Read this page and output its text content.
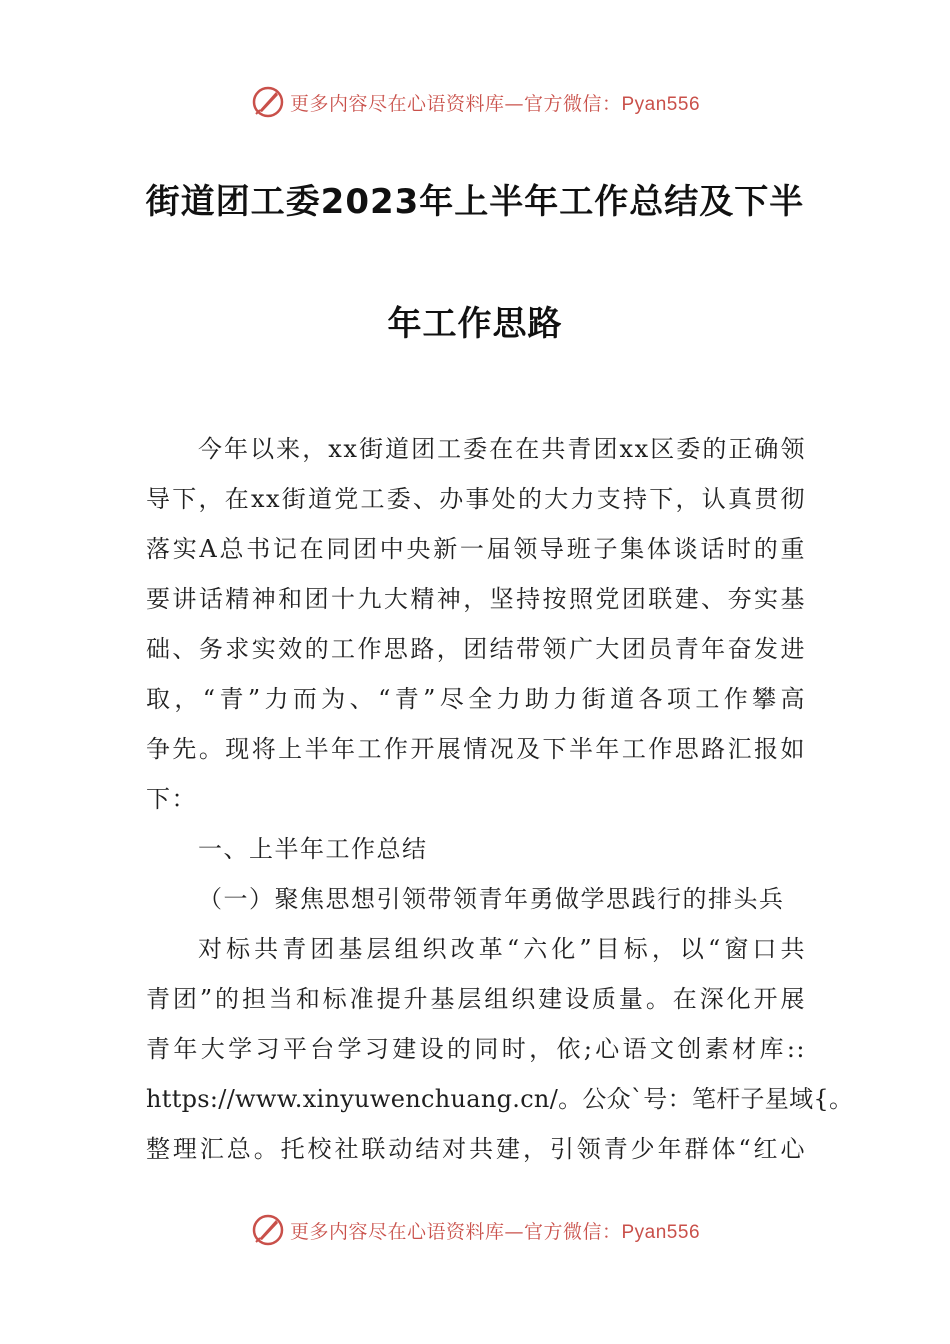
更多内容尽在心语资料库—官方微信：Pyan556
街道团工委2023年上半年工作总结及下半
年工作思路
今年以来，xx街道团工委在在共青团xx区委的正确领
导下，在xx街道党工委、办事处的大力支持下，认真贯彻
落实A总书记在同团中央新一届领导班子集体谈话时的重
要讲话精神和团十九大精神，坚持按照党团联建、夯实基
础、务求实效的工作思路，团结带领广大团员青年奋发进
取，“青”力而为、“青”尽全力助力街道各项工作攀高
争先。现将上半年工作开展情况及下半年工作思路汇报如
下：
一、上半年工作总结
（一）聚焦思想引领带领青年勇做学思践行的排头兵
对标共青团基层组织改革“六化”目标，以“窗口共
青团”的担当和标准提升基层组织建设质量。在深化开展
青年大学习平台学习建设的同时，依;心语文创素材库::
https://www.xinyuwenchuang.cn/。公众`号：笔杆子星域{。
整理汇总。托校社联动结对共建，引领青少年群体“红心
更多内容尽在心语资料库—官方微信：Pyan556
